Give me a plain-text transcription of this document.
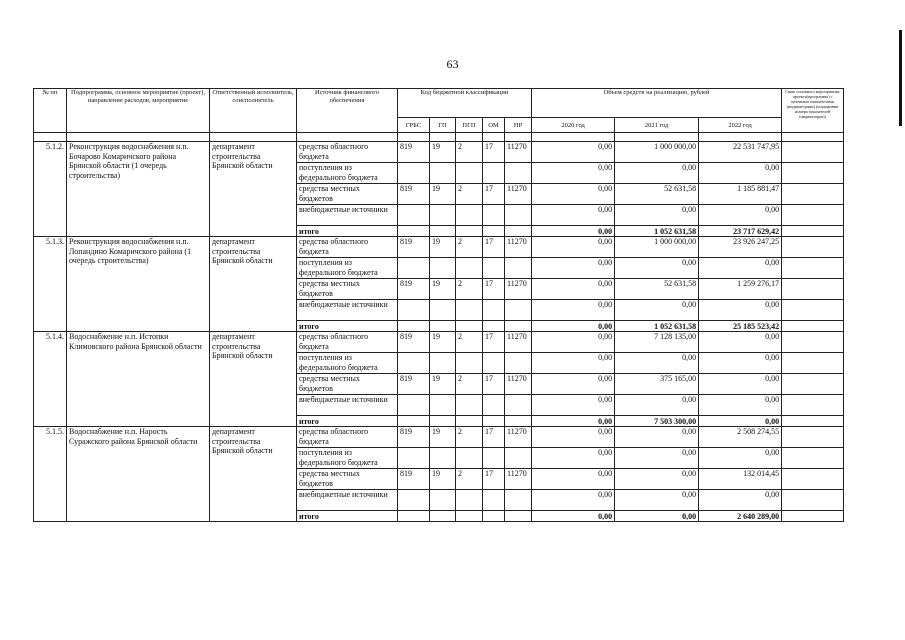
63
№ пп	Подпрограмма, основное мероприятие (проект), направление расходов, мероприятие	Ответственный исполнитель, соисполнитель	Источник финансового обеспечения	Код бюджетной классификации					Объем средств на реализацию, рублей			Связь основного мероприятия, проекта(программы) с целевыми показателями (индикаторами) (порядковые номера показателей (индикаторов))
				ГРБС	ГП	ПГП	ОМ	НР	2020 год	2021 год	2022 год	

5.1.2.	Реконструкция водоснабжения н.п. Бочарово Комаричского района Брянской области (1 очередь строительства)	департамент строительства Брянской области	средства областного бюджета	819	19	2	17	11270	0,00	1 000 000,00	22 531 747,95	
			поступления из федерального бюджета						0,00	0,00	0,00	
			средства местных бюджетов	819	19	2	17	11270	0,00	52 631,58	1 185 881,47	
			внебюджетные источники						0,00	0,00	0,00	
			итого						0,00	1 052 631,58	23 717 629,42	
5.1.3.	Реконструкция водоснабжения н.п. Лопандино Комаричского района (1 очередь строительства)	департамент строительства Брянской области	средства областного бюджета	819	19	2	17	11270	0,00	1 000 000,00	23 926 247,25	
			поступления из федерального бюджета						0,00	0,00	0,00	
			средства местных бюджетов	819	19	2	17	11270	0,00	52 631,58	1 259 276,17	
			внебюджетные источники						0,00	0,00	0,00	
			итого						0,00	1 052 631,58	25 185 523,42	
5.1.4.	Водоснабжение н.п. Истопки Климовского района Брянской области	департамент строительства Брянской области	средства областного бюджета	819	19	2	17	11270	0,00	7 128 135,00	0,00	
			поступления из федерального бюджета						0,00	0,00	0,00	
			средства местных бюджетов	819	19	2	17	11270	0,00	375 165,00	0,00	
			внебюджетные источники						0,00	0,00	0,00	
			итого						0,00	7 503 300,00	0,00	
5.1.5.	Водоснабжение н.п. Нарость Суражского района Брянской области	департамент строительства Брянской области	средства областного бюджета	819	19	2	17	11270	0,00	0,00	2 508 274,55	
			поступления из федерального бюджета						0,00	0,00	0,00	
			средства местных бюджетов	819	19	2	17	11270	0,00	0,00	132 014,45	
			внебюджетные источники						0,00	0,00	0,00	
			итого						0,00	0,00	2 640 289,00	
